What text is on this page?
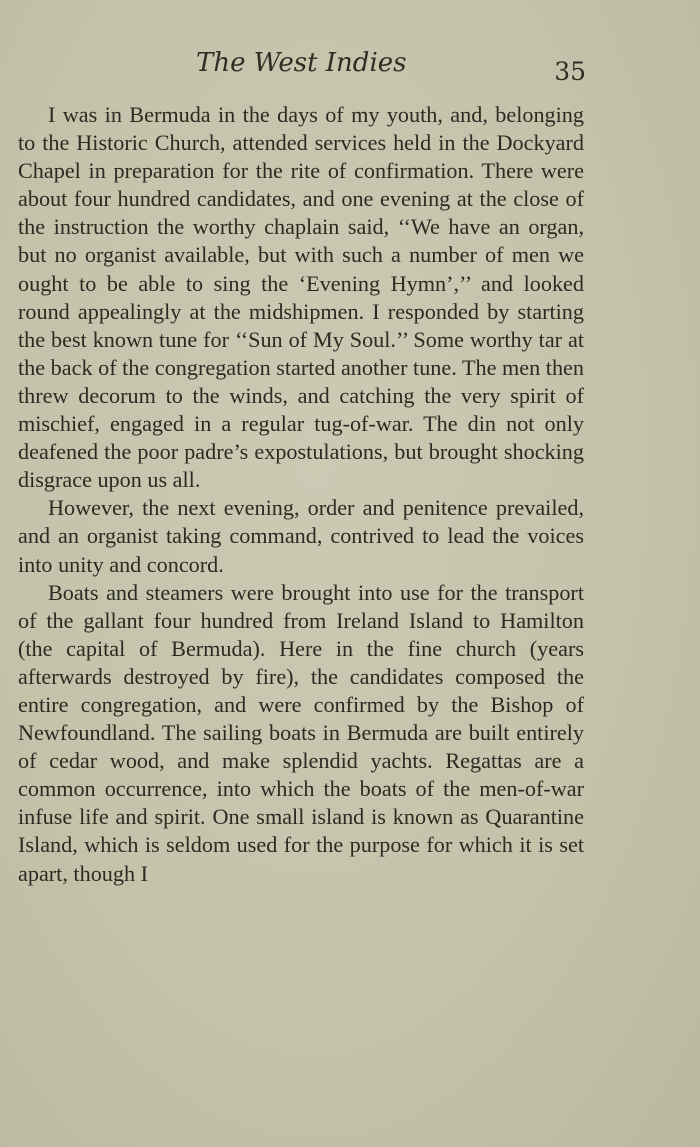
The West Indies	35

I was in Bermuda in the days of my youth, and, belonging to the Historic Church, attended services held in the Dockyard Chapel in preparation for the rite of confirmation. There were about four hundred candidates, and one evening at the close of the instruction the worthy chaplain said, ‘‘We have an organ, but no organist available, but with such a number of men we ought to be able to sing the ‘Evening Hymn’,’’ and looked round appealingly at the midshipmen. I responded by starting the best known tune for ‘‘Sun of My Soul.’’ Some worthy tar at the back of the congregation started another tune. The men then threw decorum to the winds, and catching the very spirit of mischief, engaged in a regular tug-of-war. The din not only deafened the poor padre’s expostulations, but brought shocking disgrace upon us all.

However, the next evening, order and penitence prevailed, and an organist taking command, contrived to lead the voices into unity and concord.

Boats and steamers were brought into use for the transport of the gallant four hundred from Ireland Island to Hamilton (the capital of Bermuda). Here in the fine church (years afterwards destroyed by fire), the candidates composed the entire congregation, and were confirmed by the Bishop of Newfoundland. The sailing boats in Bermuda are built entirely of cedar wood, and make splendid yachts. Regattas are a common occurrence, into which the boats of the men-of-war infuse life and spirit. One small island is known as Quarantine Island, which is seldom used for the purpose for which it is set apart, though I
